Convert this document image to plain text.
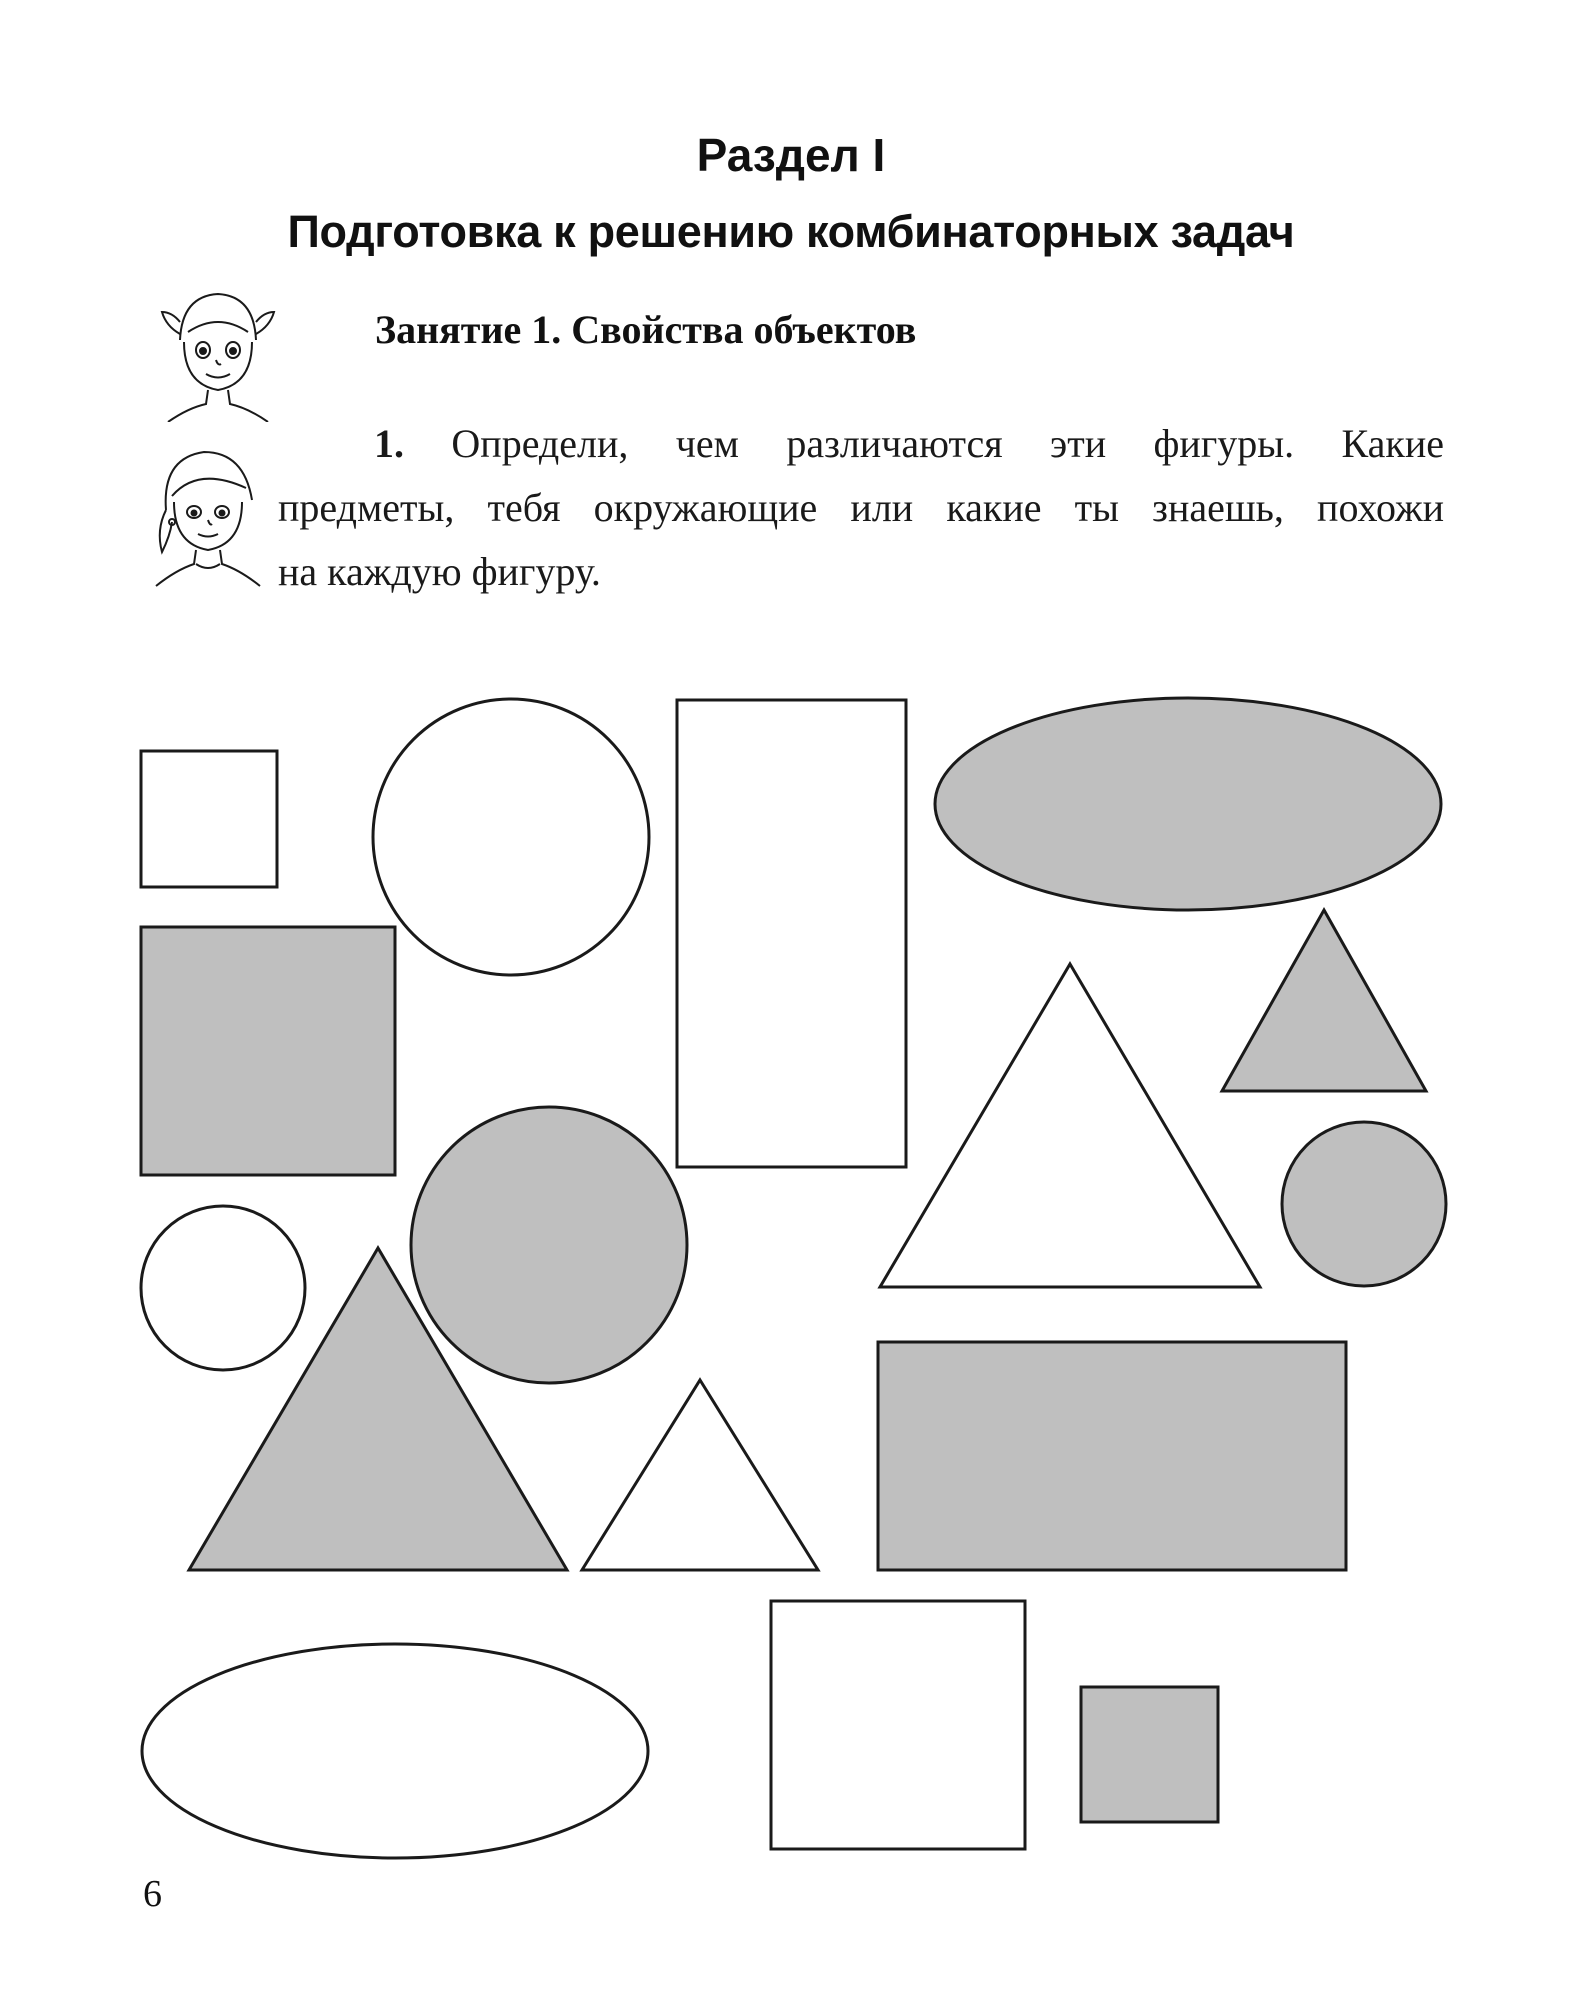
Раздел I
Подготовка к решению комбинаторных задач
Занятие 1. Свойства объектов
1. Определи, чем различаются эти фигуры. Какие
предметы, тебя окружающие или какие ты знаешь, похожи
на каждую фигуру.
6
